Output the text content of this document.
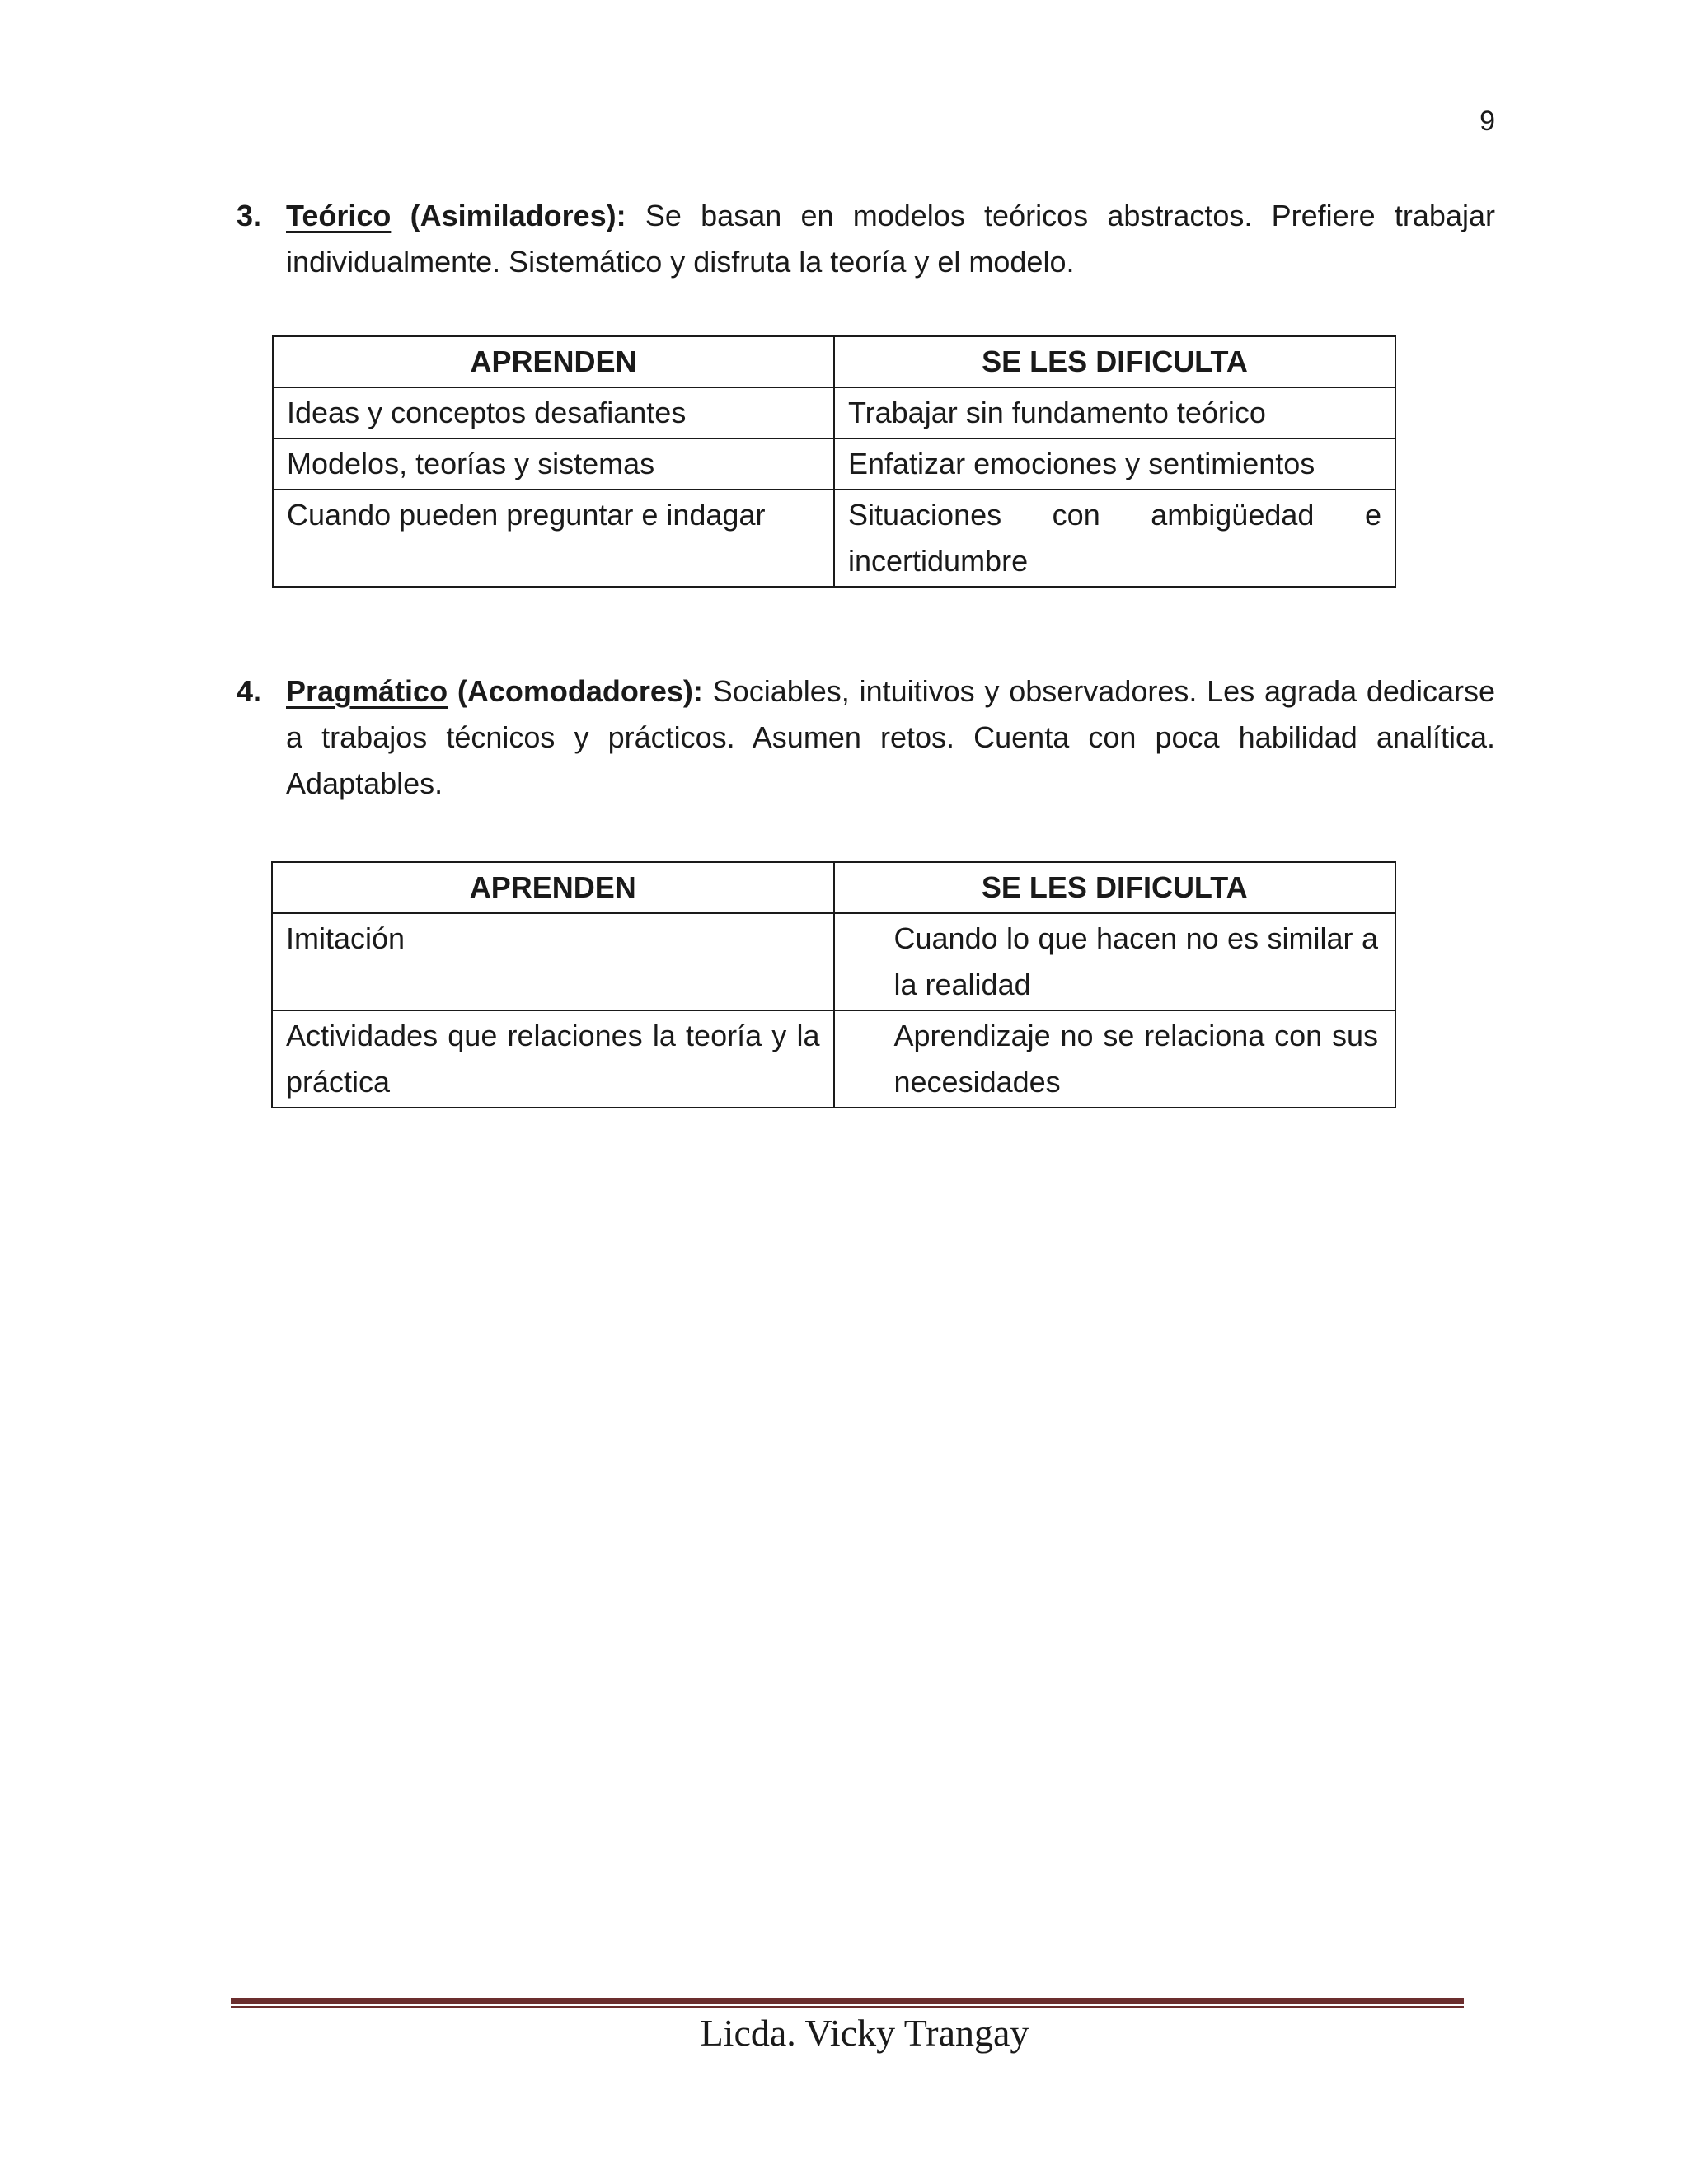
9
3. Teórico (Asimiladores): Se basan en modelos teóricos abstractos. Prefiere trabajar individualmente. Sistemático y disfruta la teoría y el modelo.
APRENDEN	SE LES DIFICULTA
Ideas y conceptos desafiantes	Trabajar sin fundamento teórico
Modelos, teorías y sistemas	Enfatizar emociones y sentimientos
Cuando pueden preguntar e indagar	Situaciones con ambigüedad e incertidumbre
4. Pragmático (Acomodadores): Sociables, intuitivos y observadores. Les agrada dedicarse a trabajos técnicos y prácticos. Asumen retos. Cuenta con poca habilidad analítica. Adaptables.
APRENDEN	SE LES DIFICULTA
Imitación	Cuando lo que hacen no es similar a la realidad
Actividades que relaciones la teoría y la práctica	Aprendizaje no se relaciona con sus necesidades
Licda. Vicky Trangay
